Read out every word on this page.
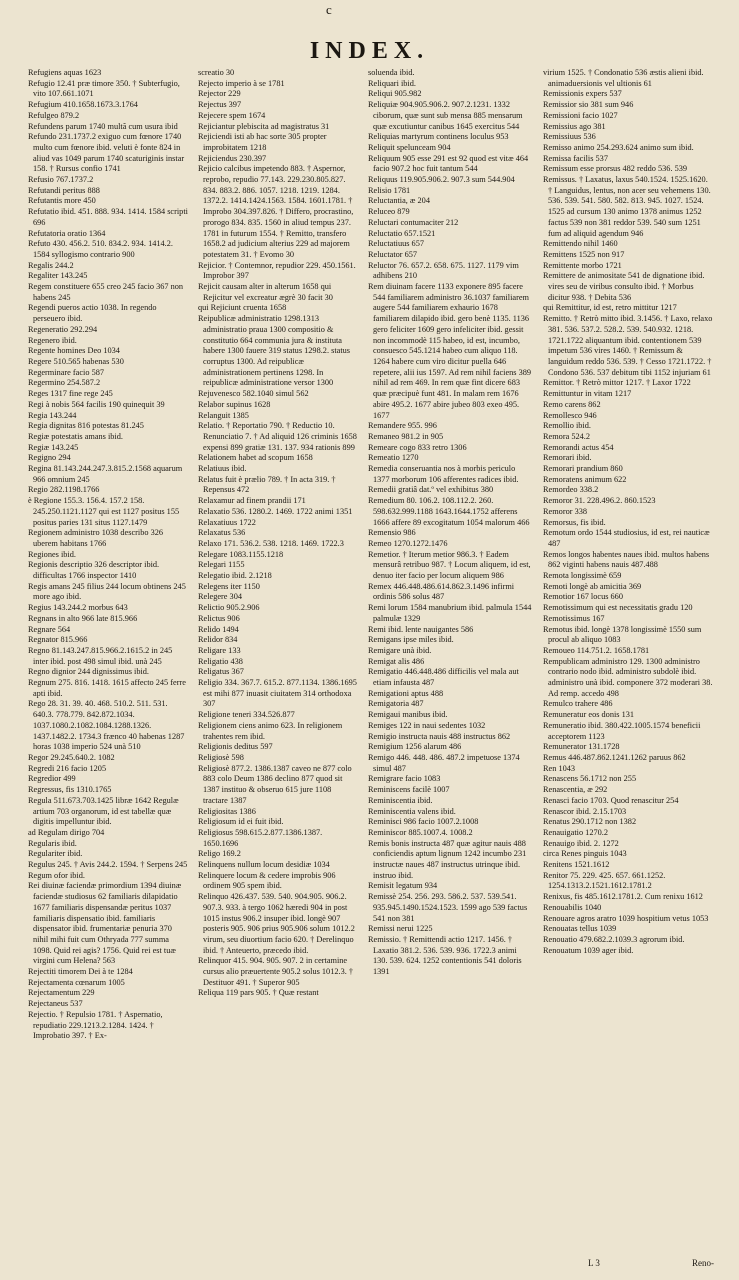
c
INDEX.
Refugiens aquas 1623
Refugio 12.41 præ timore 350. † Subterfugio, vito 107.661.1071
Refugium 410.1658.1673.3.1764
Refulgeo 879.2
Refundens parum 1740 multã cum usura ibid
Refundo 231.1737.2 exiguo cum fœnore 1740 multo cum fœnore ibid. veluti è fonte 824 in aliud vas 1049 parum 1740 scaturiginis instar 158. † Rursus confio 1741
Refusio 767.1737.2
Refutandi peritus 888
Refutantis more 450
Refutatio ibid. 451. 888. 934. 1414. 1584 scripti 696
Refutatoria oratio 1364
Refuto 430. 456.2. 510. 834.2. 934. 1414.2. 1584 syllogismo contrario 900
Regalis 244.2
Regaliter 143.245
Regem constituere 655 creo 245 facio 367 non habens 245
Regendi pueros actio 1038. In regendo perseuero ibid.
Regeneratio 292.294
Regenero ibid.
Regente homines Deo 1034
Regere 510.565 habenas 530
Regerminare facio 587
Regermino 254.587.2
Reges 1317 fine rege 245
Regi à nobis 564 facilis 190 quinequit 39
Regia 143.244
Regia dignitas 816 potestas 81.245
Regiæ potestatis amans ibid.
Regiæ 143.245
Regigno 294
Regina 81.143.244.247.3.815.2.1568 aquarum 966 omnium 245
Regio 282.1198.1766
è Regione 155.3. 156.4. 157.2 158. 245.250.1121.1127 qui est 1127 positus 155 positus paries 131 situs 1127.1479
Regionem administro 1038 describo 326 uberem habitans 1766
Regiones ibid.
Regionis descriptio 326 descriptor ibid. difficultas 1766 inspector 1410
Regis amans 245 filius 244 locum obtinens 245 more ago ibid.
Regius 143.244.2 morbus 643
Regnans in alto 966 late 815.966
Regnare 564
Regnator 815.966
Regno 81.143.247.815.966.2.1615.2 in 245 inter ibid. post 498 simul ibid. unà 245
Regno dignior 244 dignissimus ibid.
Regnum 275. 816. 1418. 1615 affecto 245 ferre apti ibid.
Rego 28. 31. 39. 40. 468. 510.2. 511. 531. 640.3. 778.779. 842.872.1034. 1037.1080.2.1082.1084.1288.1326. 1437.1482.2. 1734.3 frænco 40 habenas 1287 horas 1038 imperio 524 unà 510
Regor 29.245.640.2. 1082
Regredi 216 facio 1205
Regredior 499
Regressus, fis 1310.1765
Regula 511.673.703.1425 libræ 1642 Regulæ artium 703 organorum, id est tabellæ quæ digitis impelluntur ibid.
ad Regulam dirigo 704
Regularis ibid.
Regulariter ibid.
Regulus 245. † Avis 244.2. 1594. † Serpens 245
Regum ofor ibid.
Rei diuinæ faciendæ primordium 1394 diuinæ faciendæ studiosus 62 familiaris dilapidatio 1677 familiaris dispensandæ peritus 1037 familiaris dispensatio ibid. familiaris dispensator ibid. frumentariæ penuria 370 nihil mihi fuit cum Othryada 777 summa 1098. Quid rei agis? 1756. Quid rei est tuæ virgini cum Helena? 563
Rejectiti timorem Dei à te 1284
Rejectamenta cœnarum 1005
Rejectamentum 229
Rejectaneus 537
Rejectio. † Repulsio 1781. † Aspernatio, repudiatio 229.1213.2.1284. 1424. † Improbatio 397. † Ex-
screatio 30
Rejecto imperio à se 1781
Rejector 229
Rejectus 397
Rejecere spem 1674
Rejiciantur plebiscita ad magistratus 31
Rejiciendi isti ab hac sorte 305 propter improbitatem 1218
Rejiciendus 230.397
Rejicio calcibus impetendo 883. † Aspernor, reprobo, repudio 77.143. 229.230.805.827. 834. 883.2. 886. 1057. 1218. 1219. 1284. 1372.2. 1414.1424.1563. 1584. 1601.1781. † Improbo 304.397.826. † Differo, procrastino, prorogo 834. 835. 1560 in aliud tempus 237. 1781 in futurum 1554. † Remitto, transfero 1658.2 ad judicium alterius 229 ad majorem potestatem 31. † Evomo 30
Rejicior. † Contemnor, repudior 229. 450.1561. Improbor 397
Rejicit causam alter in alterum 1658 qui Rejicitur vel excreatur ægrè 30 facit 30
qui Rejiciunt cruenta 1658
Reipublicæ administratio 1298.1313 administratio praua 1300 compositio & constitutio 664 communia jura & instituta habere 1300 fauere 319 status 1298.2. status corruptus 1300. Ad reipublicæ administrationem pertinens 1298. In reipublicæ administratione versor 1300
Rejuvenesco 582.1040 simul 562
Relabor supinus 1628
Relanguit 1385
Relatio. † Reportatio 790. † Reductio 10. Renunciatio 7. † Ad aliquid 126 criminis 1658 expensi 899 gratiæ 131. 137. 934 rationis 899
Relationem habet ad scopum 1658
Relatiuus ibid.
Relatus fuit è prælio 789. † In acta 319. † Repensus 472
Relaxamur ad finem prandii 171
Relaxatio 536. 1280.2. 1469. 1722 animi 1351
Relaxatiuus 1722
Relaxatus 536
Relaxo 171. 536.2. 538. 1218. 1469. 1722.3
Relegare 1083.1155.1218
Relegari 1155
Relegatio ibid. 2.1218
Relegens iter 1150
Relegere 304
Relictio 905.2.906
Relictus 906
Relido 1494
Relidor 834
Religare 133
Religatio 438
Religatus 367
Religio 334. 367.7. 615.2. 877.1134. 1386.1695 est mihi 877 inuasit ciuitatem 314 orthodoxa 307
Religione teneri 334.526.877
Religionem ciens animo 623. In religionem trahentes rem ibid.
Religionis deditus 597
Religiosè 598
Religiosè 877.2. 1386.1387 caveo ne 877 colo 883 colo Deum 1386 declino 877 quod sit 1387 instituo & obseruo 615 jure 1108 tractare 1387
Religiositas 1386
Religiosum id ei fuit ibid.
Religiosus 598.615.2.877.1386.1387. 1650.1696
Religo 169.2
Relinquens nullum locum desidiæ 1034
Relinquere locum & cedere improbis 906 ordinem 905 spem ibid.
Relinquo 426.437. 539. 540. 904.905. 906.2. 907.3. 933. à tergo 1062 hæredi 904 in post 1015 instus 906.2 insuper ibid. longè 907 posteris 905. 906 prius 905.906 solum 1012.2 virum, seu diuortium facio 620. † Derelinquo ibid. † Anteuerto, præcedo ibid.
Relinquor 415. 904. 905. 907. 2 in certamine cursus alio præuertente 905.2 solus 1012.3. † Destituor 491. † Superor 905
Reliqua 119 pars 905. † Quæ restant
soluenda ibid.
Reliquari ibid.
Reliqui 905.982
Reliquiæ 904.905.906.2. 907.2.1231. 1332 ciborum, quæ sunt sub mensa 885 mensarum quæ excutiuntur canibus 1645 exercitus 544
Reliquias martyrum continens loculus 953
Reliquit spelunceam 904
Reliquum 905 esse 291 est 92 quod est vitæ 464 facio 907.2 hoc fuit tantum 544
Reliquus 119.905.906.2. 907.3 sum 544.904
Relisio 1781
Reluctantia, æ 204
Reluceo 879
Reluctari contumaciter 212
Reluctatio 657.1521
Reluctatiuus 657
Reluctator 657
Reluctor 76. 657.2. 658. 675. 1127. 1179 vim adhibens 210
Rem diuinam facere 1133 exponere 895 facere 544 familiarem administro 36.1037 familiarem augere 544 familiarem exhaurio 1678 familiarem dilapido ibid. gero benè 1135. 1136 gero feliciter 1609 gero infeliciter ibid. gessit non incommodè 115 habeo, id est, incumbo, consuesco 545.1214 habeo cum aliquo 118. 1264 habere cum viro dicitur puella 646 repetere, alii ius 1597. Ad rem nihil faciens 389 nihil ad rem 469. In rem quæ fint dicere 683 quæ præcipuè funt 481. In malam rem 1676 abire 495.2. 1677 abire jubeo 803 exeo 495. 1677
Remandere 955. 996
Remaneo 981.2 in 905
Remeare cogo 833 retro 1306
Remeatio 1270
Remedia conseruantia nos à morbis periculo 1377 morborum 106 afferentes radices ibid.
Remedii gratiâ dat.º vel exhibitus 380
Remedium 80. 106.2. 108.112.2. 260. 598.632.999.1188 1643.1644.1752 afferens 1666 affere 89 excogitatum 1054 malorum 466
Remensio 986
Remeo 1270.1272.1476
Remetior. † Iterum metior 986.3. † Eadem mensurâ retribuo 987. † Locum aliquem, id est, denuo iter facio per locum aliquem 986
Remex 446.448.486.614.862.3.1496 infirmi ordinis 586 solus 487
Remi lorum 1584 manubrium ibid. palmula 1544 palmulæ 1329
Remi ibid. lente nauigantes 586
Remigans ipse miles ibid.
Remigare unà ibid.
Remigat alis 486
Remigatio 446.448.486 difficilis vel mala aut etiam infausta 487
Remigationi aptus 488
Remigatoria 487
Remigaui manibus ibid.
Remiges 122 in naui sedentes 1032
Remigio instructa nauis 488 instructus 862
Remigium 1256 alarum 486
Remigo 446. 448. 486. 487.2 impetuose 1374 simul 487
Remigrare facio 1083
Reminiscens facilè 1007
Reminiscentia ibid.
Reminiscentia valens ibid.
Reminisci 986 facio 1007.2.1008
Reminiscor 885.1007.4. 1008.2
Remis bonis instructa 487 quæ agitur nauis 488 conficiendis aptum lignum 1242 incumbo 231 instructæ naues 487 instructus utrinque ibid. instruo ibid.
Remisit legatum 934
Remissè 254. 256. 293. 586.2. 537. 539.541. 935.945.1490.1524.1523. 1599 ago 539 factus 541 non 381
Remissi nerui 1225
Remissio. † Remittendi actio 1217. 1456. † Laxatio 381.2. 536. 539. 936. 1722.3 animi 130. 539. 624. 1252 contentionis 541 doloris 1391
virium 1525. † Condonatio 536 æstis alieni ibid. animaduersionis vel ultionis 61
Remissionis expers 537
Remissior sio 381 sum 946
Remissioni facio 1027
Remissius ago 381
Remissiuus 536
Remisso animo 254.293.624 animo sum ibid.
Remissa facilis 537
Remissum esse prorsus 482 reddo 536. 539
Remissus. † Laxatus, laxus 540.1524. 1525.1620. † Languidus, lentus, non acer seu vehemens 130. 536. 539. 541. 580. 582. 813. 945. 1027. 1524. 1525 ad cursum 130 animo 1378 animus 1252 factus 539 non 381 reddor 539. 540 sum 1251 fum ad aliquid agendum 946
Remittendo nihil 1460
Remittens 1525 non 917
Remittente morbo 1721
Remittere de animositate 541 de dignatione ibid. vires seu de viribus consulto ibid. † Morbus dicitur 938. † Debita 536
qui Remittitur, id est, retro mittitur 1217
Remitto. † Retrò mitto ibid. 3.1456. † Laxo, relaxo 381. 536. 537.2. 528.2. 539. 540.932. 1218. 1721.1722 aliquantum ibid. contentionem 539 impetum 536 vires 1460. † Remissum & languidum reddo 536. 539. † Cesso 1721.1722. † Condono 536. 537 debitum tibi 1152 injuriam 61
Remittor. † Retrò mittor 1217. † Laxor 1722
Remittuntur in vitam 1217
Remo carens 862
Remollesco 946
Remollio ibid.
Remora 524.2
Remorandi actus 454
Remorari ibid.
Remorari prandium 860
Remoratens animum 622
Remordeo 338.2
Remoror 31. 228.496.2. 860.1523
Remoror 338
Remorsus, fis ibid.
Remotum ordo 1544 studiosius, id est, rei nauticæ 487
Remos longos habentes naues ibid. multos habens 862 viginti habens nauis 487.488
Remota longissimè 659
Remoti longè ab amicitia 369
Remotior 167 locus 660
Remotissimum qui est necessitatis gradu 120
Remotissimus 167
Remotus ibid. longè 1378 longissimè 1550 sum procul ab aliquo 1083
Remoueo 114.751.2. 1658.1781
Rempublicam administro 129. 1300 administro contrario nodo ibid. administro subdolè ibid. administro unà ibid. componere 372 moderari 38. Ad remp. accedo 498
Remulco trahere 486
Remuneratur eos donis 131
Remuneratio ibid. 380.422.1005.1574 beneficii acceptorem 1123
Remunerator 131.1728
Remus 446.487.862.1241.1262 paruus 862
Ren 1043
Renascens 56.1712 non 255
Renascentia, æ 292
Renasci facio 1703. Quod renascitur 254
Renascor ibid. 2.15.1703
Renatus 290.1712 non 1382
Renauigatio 1270.2
Renauigo ibid. 2. 1272
circa Renes pinguis 1043
Renitens 1521.1612
Renitor 75. 229. 425. 657. 661.1252. 1254.1313.2.1521.1612.1781.2
Renixus, fis 485.1612.1781.2. Cum renixu 1612
Renouabilis 1040
Renouare agros aratro 1039 hospitium vetus 1053
Renouatas tellus 1039
Renouatio 479.682.2.1039.3 agrorum ibid.
Renouatum 1039 ager ibid.
L 3	Reno-
